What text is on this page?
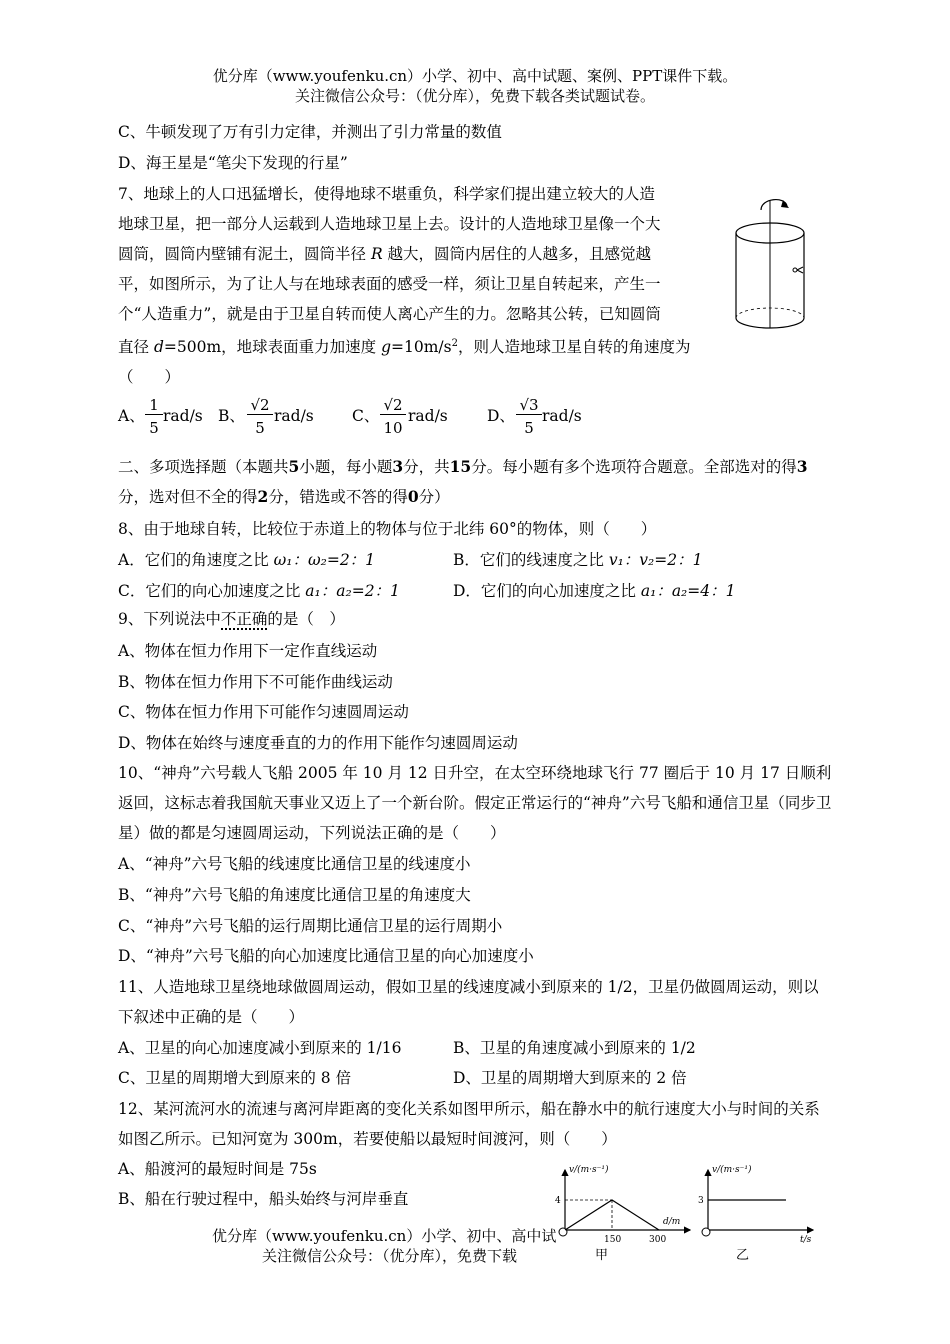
优分库（www.youfenku.cn）小学、初中、高中试题、案例、PPT课件下载。
关注微信公众号：（优分库），免费下载各类试题试卷。
C、牛顿发现了万有引力定律，并测出了引力常量的数值
D、海王星是“笔尖下发现的行星”
7、地球上的人口迅猛增长，使得地球不堪重负，科学家们提出建立较大的人造
地球卫星，把一部分人运载到人造地球卫星上去。设计的人造地球卫星像一个大
圆筒，圆筒内壁铺有泥土，圆筒半径 R 越大，圆筒内居住的人越多，且感觉越
平，如图所示，为了让人与在地球表面的感受一样，须让卫星自转起来，产生一
个“人造重力”，就是由于卫星自转而使人离心产生的力。忽略其公转，已知圆筒
直径 d=500m，地球表面重力加速度 $g=10m/s^2$，则人造地球卫星自转的角速度为
（　　）
A、 $\frac{1}{5} rad/s$ B、 $\frac{√2}{5} rad/s$ C、 $\frac{√2}{10} rad/s$	D、 $\frac{√3}{5} rad/s$
二、多项选择题（本题共5小题，每小题3分，共15分。每小题有多个选项符合题意。全部选对的得3分，选对但不全的得2分，错选或不答的得0分）
8、由于地球自转，比较位于赤道上的物体与位于北纬 60°的物体，则（　　）
A．它们的角速度之比 ω₁：ω₂=2：1	B．它们的线速度之比 v₁：v₂=2：1
C．它们的向心加速度之比 a₁：a₂=2：1	D．它们的向心加速度之比 a₁：a₂=4：1
9、下列说法中不正确的是（　）
A、物体在恒力作用下一定作直线运动
B、物体在恒力作用下不可能作曲线运动
C、物体在恒力作用下可能作匀速圆周运动
D、物体在始终与速度垂直的力的作用下能作匀速圆周运动
10、“神舟”六号载人飞船 2005 年 10 月 12 日升空，在太空环绕地球飞行 77 圈后于 10 月 17 日顺利返回，这标志着我国航天事业又迈上了一个新台阶。假定正常运行的“神舟”六号飞船和通信卫星（同步卫星）做的都是匀速圆周运动，下列说法正确的是（　　）
A、“神舟”六号飞船的线速度比通信卫星的线速度小
B、“神舟”六号飞船的角速度比通信卫星的角速度大
C、“神舟”六号飞船的运行周期比通信卫星的运行周期小
D、“神舟”六号飞船的向心加速度比通信卫星的向心加速度小
11、人造地球卫星绕地球做圆周运动，假如卫星的线速度减小到原来的 1/2，卫星仍做圆周运动，则以下叙述中正确的是（　　）
A、卫星的向心加速度减小到原来的 1/16	B、卫星的角速度减小到原来的 1/2
C、卫星的周期增大到原来的 8 倍	D、卫星的周期增大到原来的 2 倍
12、某河流河水的流速与离河岸距离的变化关系如图甲所示，船在静水中的航行速度大小与时间的关系如图乙所示。已知河宽为 300m，若要使船以最短时间渡河，则（　　）
A、船渡河的最短时间是 75s
B、船在行驶过程中，船头始终与河岸垂直
v/(m·s⁻¹)
d/m
4
150	300
甲
v/(m·s⁻¹)
t/s
3
乙
优分库（www.youfenku.cn）小学、初中、高中试
关注微信公众号：（优分库），免费下载
